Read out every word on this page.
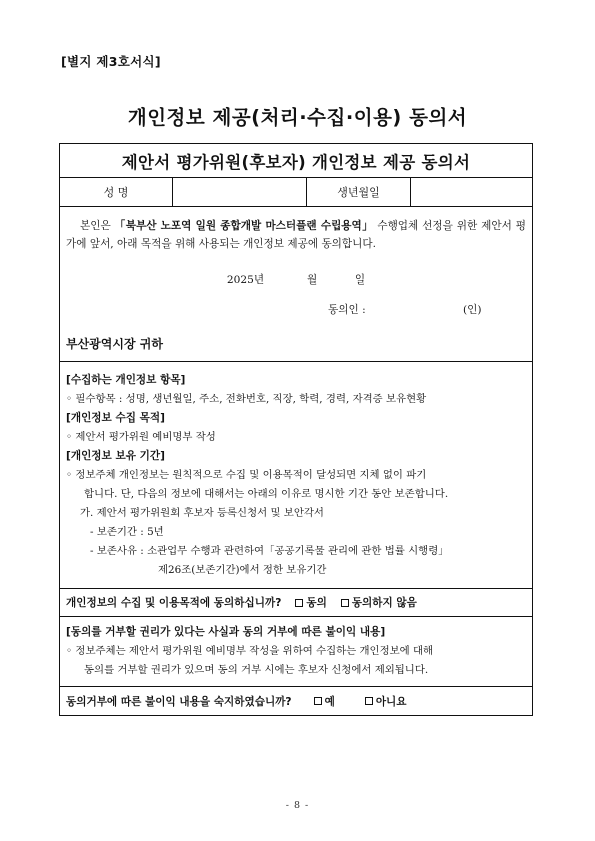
[별지 제3호서식]
개인정보 제공(처리·수집·이용) 동의서
제안서 평가위원(후보자) 개인정보 제공 동의서
성 명	생년월일
본인은 「북부산 노포역 일원 종합개발 마스터플랜 수립용역」 수행업체 선정을 위한 제안서 평가에 앞서, 아래 목적을 위해 사용되는 개인정보 제공에 동의합니다.
2025년	월	일
동의인 :	(인)
부산광역시장 귀하
[수집하는 개인정보 항목]
◦ 필수항목 : 성명, 생년월일, 주소, 전화번호, 직장, 학력, 경력, 자격증 보유현황
[개인정보 수집 목적]
◦ 제안서 평가위원 예비명부 작성
[개인정보 보유 기간]
◦ 정보주체 개인정보는 원칙적으로 수집 및 이용목적이 달성되면 지체 없이 파기
합니다. 단, 다음의 정보에 대해서는 아래의 이유로 명시한 기간 동안 보존합니다.
가. 제안서 평가위원회 후보자 등록신청서 및 보안각서
- 보존기간 : 5년
- 보존사유 : 소관업무 수행과 관련하여「공공기록물 관리에 관한 법률 시행령」
제26조(보존기간)에서 정한 보유기간
개인정보의 수집 및 이용목적에 동의하십니까? 동의 동의하지 않음
[동의를 거부할 권리가 있다는 사실과 동의 거부에 따른 불이익 내용]
◦ 정보주체는 제안서 평가위원 예비명부 작성을 위하여 수집하는 개인정보에 대해
동의를 거부할 권리가 있으며 동의 거부 시에는 후보자 신청에서 제외됩니다.
동의거부에 따른 불이익 내용을 숙지하였습니까?	예	아니요
- 8 -
